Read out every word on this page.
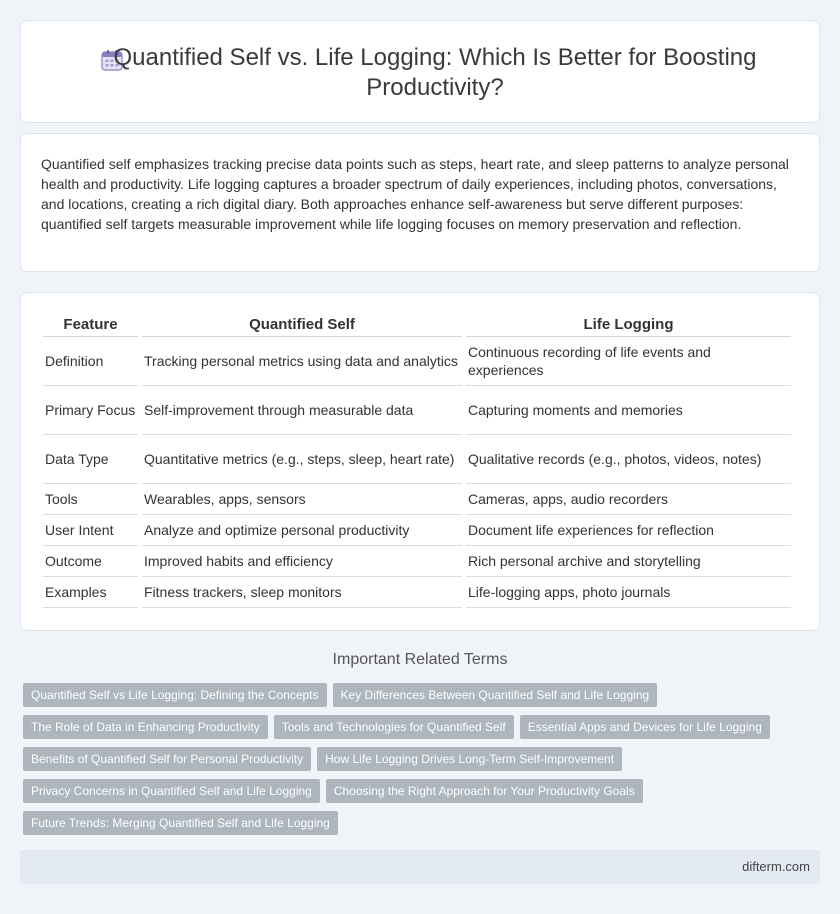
Quantified Self vs. Life Logging: Which Is Better for Boosting Productivity?

Quantified self emphasizes tracking precise data points such as steps, heart rate, and sleep patterns to analyze personal health and productivity. Life logging captures a broader spectrum of daily experiences, including photos, conversations, and locations, creating a rich digital diary. Both approaches enhance self-awareness but serve different purposes: quantified self targets measurable improvement while life logging focuses on memory preservation and reflection.

Feature	Quantified Self	Life Logging
Definition	Tracking personal metrics using data and analytics	Continuous recording of life events and experiences
Primary Focus	Self-improvement through measurable data	Capturing moments and memories
Data Type	Quantitative metrics (e.g., steps, sleep, heart rate)	Qualitative records (e.g., photos, videos, notes)
Tools	Wearables, apps, sensors	Cameras, apps, audio recorders
User Intent	Analyze and optimize personal productivity	Document life experiences for reflection
Outcome	Improved habits and efficiency	Rich personal archive and storytelling
Examples	Fitness trackers, sleep monitors	Life-logging apps, photo journals
Important Related Terms
Quantified Self vs Life Logging: Defining the Concepts	Key Differences Between Quantified Self and Life Logging
The Role of Data in Enhancing Productivity	Tools and Technologies for Quantified Self	Essential Apps and Devices for Life Logging
Benefits of Quantified Self for Personal Productivity	How Life Logging Drives Long-Term Self-Improvement
Privacy Concerns in Quantified Self and Life Logging	Choosing the Right Approach for Your Productivity Goals
Future Trends: Merging Quantified Self and Life Logging
difterm.com
